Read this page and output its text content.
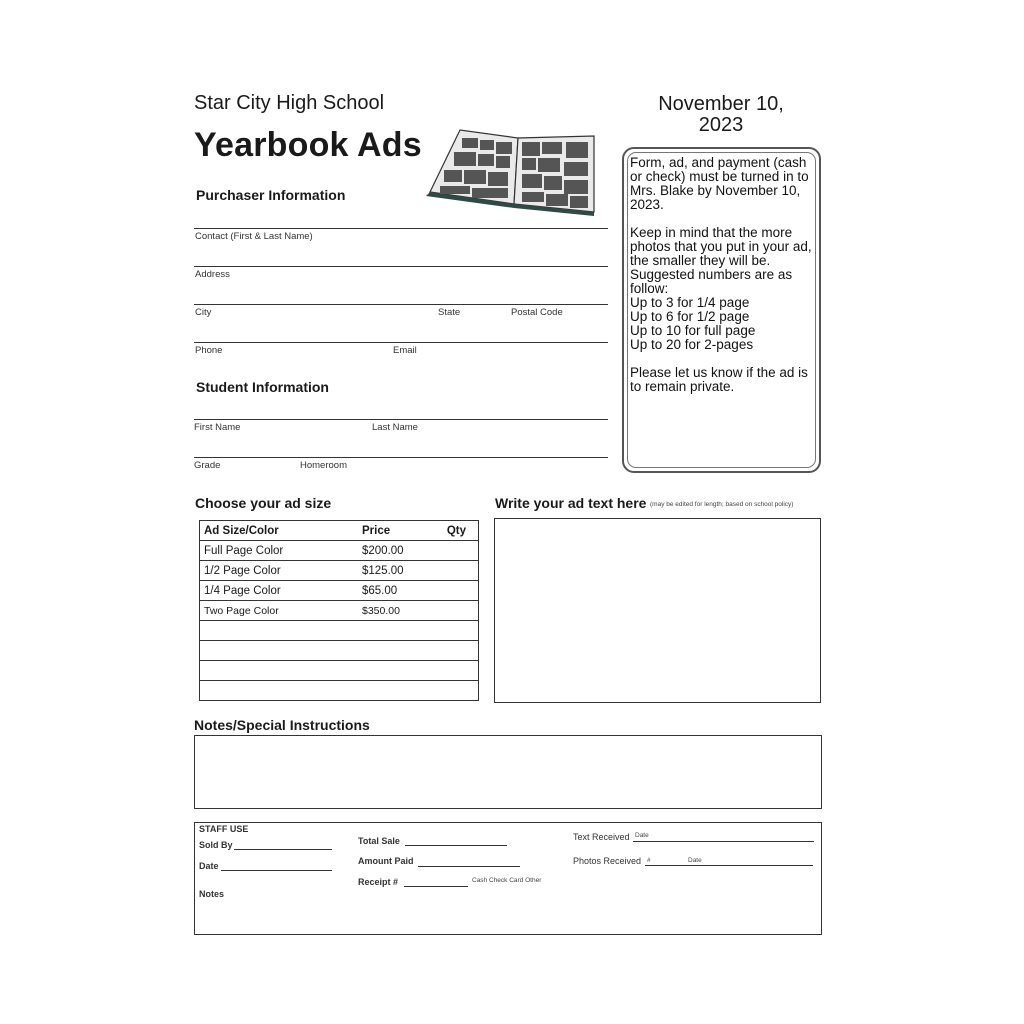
Star City High School
Yearbook Ads
November 10,
2023
Purchaser Information
Contact (First & Last Name)
Address
City	State	Postal Code
Phone	Email
Student Information
First Name	Last Name
Grade	Homeroom

Form, ad, and payment (cash or check) must be turned in to Mrs. Blake by November 10, 2023.

Keep in mind that the more photos that you put in your ad, the smaller they will be. Suggested numbers are as follow:
Up to 3 for 1/4 page
Up to 6 for 1/2 page
Up to 10 for full page
Up to 20 for 2-pages
Please let us know if the ad is to remain private.
Choose your ad size
Ad Size/Color	Price	Qty
Full Page Color	$200.00	
1/2 Page Color	$125.00	
1/4 Page Color	$65.00	
Two Page Color	$350.00	

Write your ad text here (may be edited for length; based on school policy)
Notes/Special Instructions
STAFF USE
Sold By
Date
Notes
Total Sale
Amount Paid
Receipt #	Cash Check Card Other
Text Received Date
Photos Received #	Date
